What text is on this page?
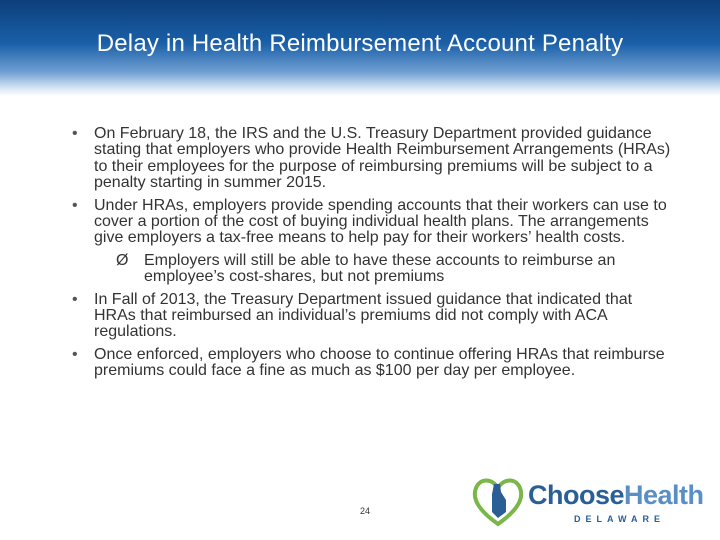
Delay in Health Reimbursement Account Penalty
• On February 18, the IRS and the U.S. Treasury Department provided guidance stating that employers who provide Health Reimbursement Arrangements (HRAs) to their employees for the purpose of reimbursing premiums will be subject to a penalty starting in summer 2015.
• Under HRAs, employers provide spending accounts that their workers can use to cover a portion of the cost of buying individual health plans. The arrangements give employers a tax-free means to help pay for their workers’ health costs.
Ø Employers will still be able to have these accounts to reimburse an employee’s cost-shares, but not premiums
• In Fall of 2013, the Treasury Department issued guidance that indicated that HRAs that reimbursed an individual’s premiums did not comply with ACA regulations.
• Once enforced, employers who choose to continue offering HRAs that reimburse premiums could face a fine as much as $100 per day per employee.
24
ChooseHealth
DELAWARE
